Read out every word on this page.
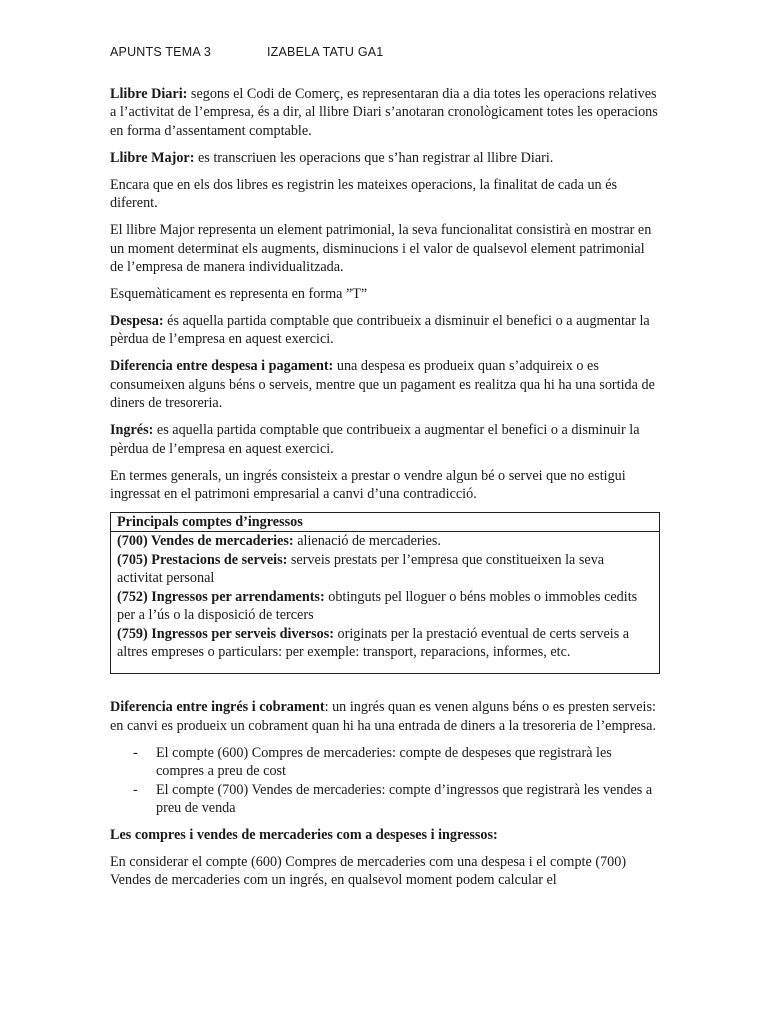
APUNTS TEMA 3	IZABELA TATU GA1

Llibre Diari: segons el Codi de Comerç, es representaran dia a dia totes les operacions relatives a l’activitat de l’empresa, és a dir, al llibre Diari s’anotaran cronològicament totes les operacions en forma d’assentament comptable.

Llibre Major: es transcriuen les operacions que s’han registrar al llibre Diari.

Encara que en els dos libres es registrin les mateixes operacions, la finalitat de cada un és diferent.

El llibre Major representa un element patrimonial, la seva funcionalitat consistirà en mostrar en un moment determinat els augments, disminucions i el valor de qualsevol element patrimonial de l’empresa de manera individualitzada.

Esquemàticament es representa en forma ”T”

Despesa: és aquella partida comptable que contribueix a disminuir el benefici o a augmentar la pèrdua de l’empresa en aquest exercici.

Diferencia entre despesa i pagament: una despesa es produeix quan s’adquireix o es consumeixen alguns béns o serveis, mentre que un pagament es realitza qua hi ha una sortida de diners de tresoreria.

Ingrés: es aquella partida comptable que contribueix a augmentar el benefici o a disminuir la pèrdua de l’empresa en aquest exercici.

En termes generals, un ingrés consisteix a prestar o vendre algun bé o servei que no estigui ingressat en el patrimoni empresarial a canvi d’una contradicció.

Principals comptes d’ingressos
(700) Vendes de mercaderies: alienació de mercaderies.
(705) Prestacions de serveis: serveis prestats per l’empresa que constitueixen la seva activitat personal
(752) Ingressos per arrendaments: obtinguts pel lloguer o béns mobles o immobles cedits per a l’ús o la disposició de tercers
(759) Ingressos per serveis diversos: originats per la prestació eventual de certs serveis a altres empreses o particulars: per exemple: transport, reparacions, informes, etc.

Diferencia entre ingrés i cobrament: un ingrés quan es venen alguns béns o es presten serveis: en canvi es produeix un cobrament quan hi ha una entrada de diners a la tresoreria de l’empresa.

- El compte (600) Compres de mercaderies: compte de despeses que registrarà les compres a preu de cost
- El compte (700) Vendes de mercaderies: compte d’ingressos que registrarà les vendes a preu de venda

Les compres i vendes de mercaderies com a despeses i ingressos:

En considerar el compte (600) Compres de mercaderies com una despesa i el compte (700) Vendes de mercaderies com un ingrés, en qualsevol moment podem calcular el
